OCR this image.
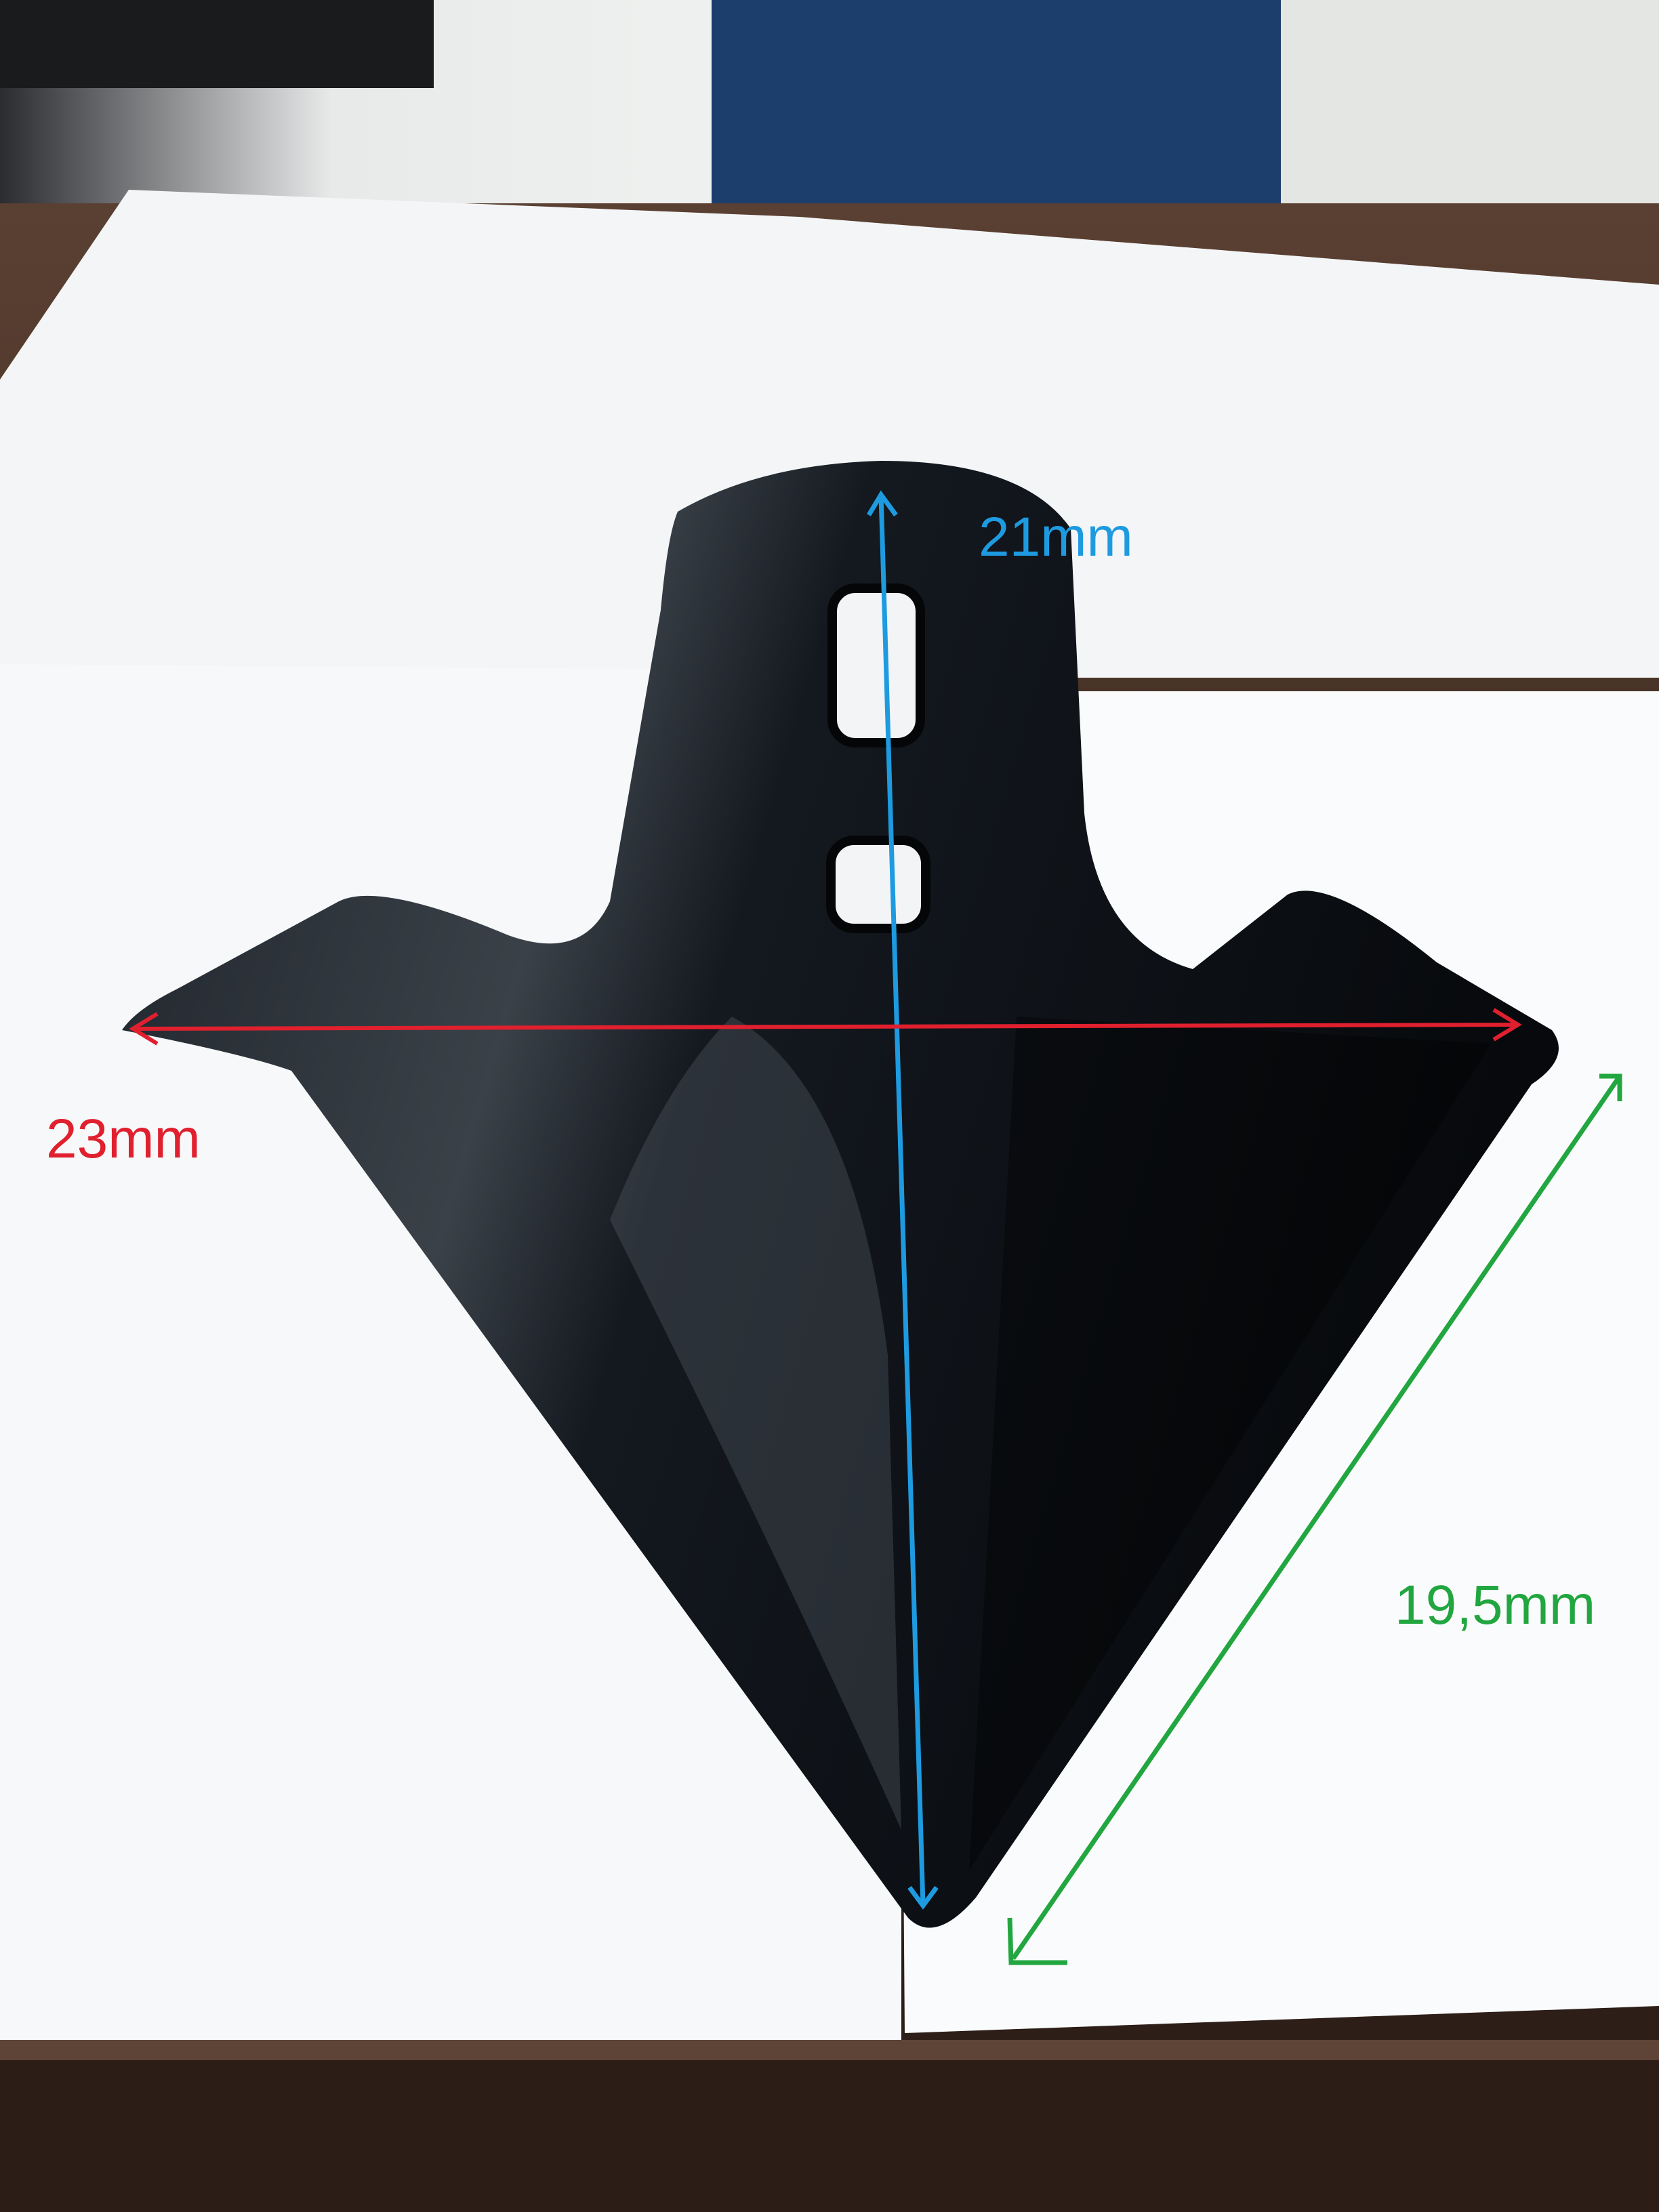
21mm
23mm
19,5mm
